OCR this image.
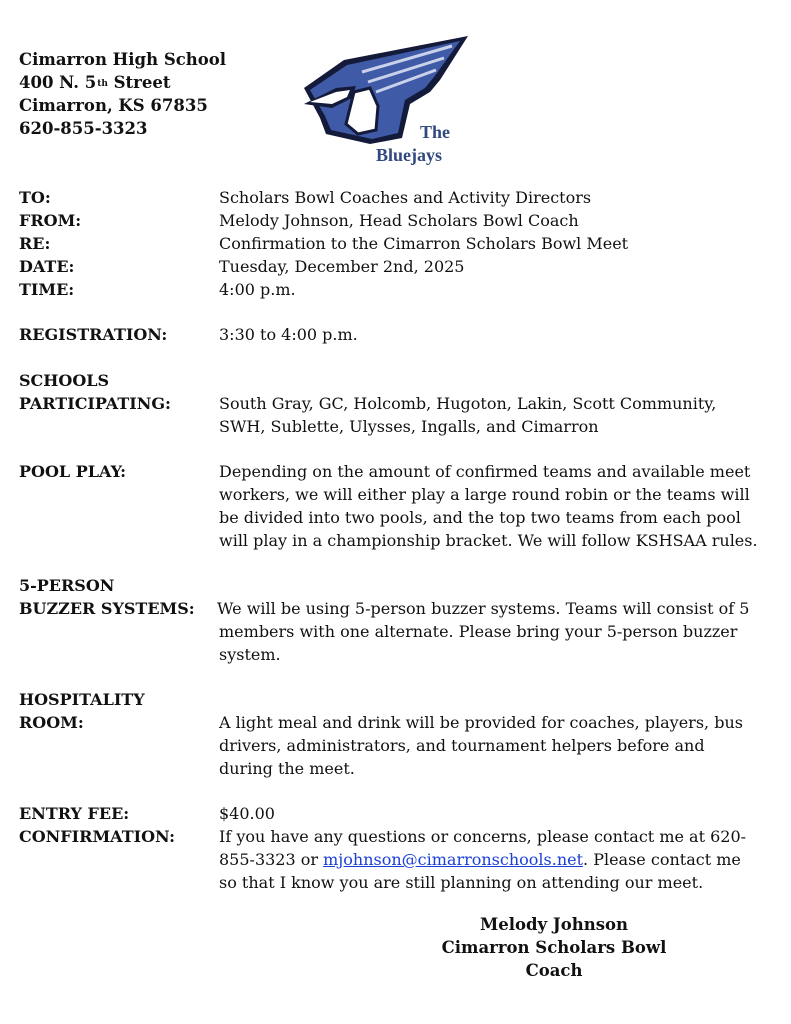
Cimarron High School
400 N. 5th Street
Cimarron, KS 67835
620-855-3323	The
Bluejays
TO:	Scholars Bowl Coaches and Activity Directors
FROM:	Melody Johnson, Head Scholars Bowl Coach
RE:	Confirmation to the Cimarron Scholars Bowl Meet
DATE:	Tuesday, December 2nd, 2025
TIME:	4:00 p.m.
REGISTRATION:	3:30 to 4:00 p.m.
SCHOOLS
PARTICIPATING:	South Gray, GC, Holcomb, Hugoton, Lakin, Scott Community,
SWH, Sublette, Ulysses, Ingalls, and Cimarron
POOL PLAY:	Depending on the amount of confirmed teams and available meet
workers, we will either play a large round robin or the teams will
be divided into two pools, and the top two teams from each pool
will play in a championship bracket. We will follow KSHSAA rules.
5-PERSON
BUZZER SYSTEMS:	We will be using 5-person buzzer systems. Teams will consist of 5
members with one alternate. Please bring your 5-person buzzer
system.
HOSPITALITY
ROOM:	A light meal and drink will be provided for coaches, players, bus
drivers, administrators, and tournament helpers before and
during the meet.
ENTRY FEE:	$40.00
CONFIRMATION:	If you have any questions or concerns, please contact me at 620-
855-3323 or mjohnson@cimarronschools.net. Please contact me
so that I know you are still planning on attending our meet.
Melody Johnson
Cimarron Scholars Bowl Coach
